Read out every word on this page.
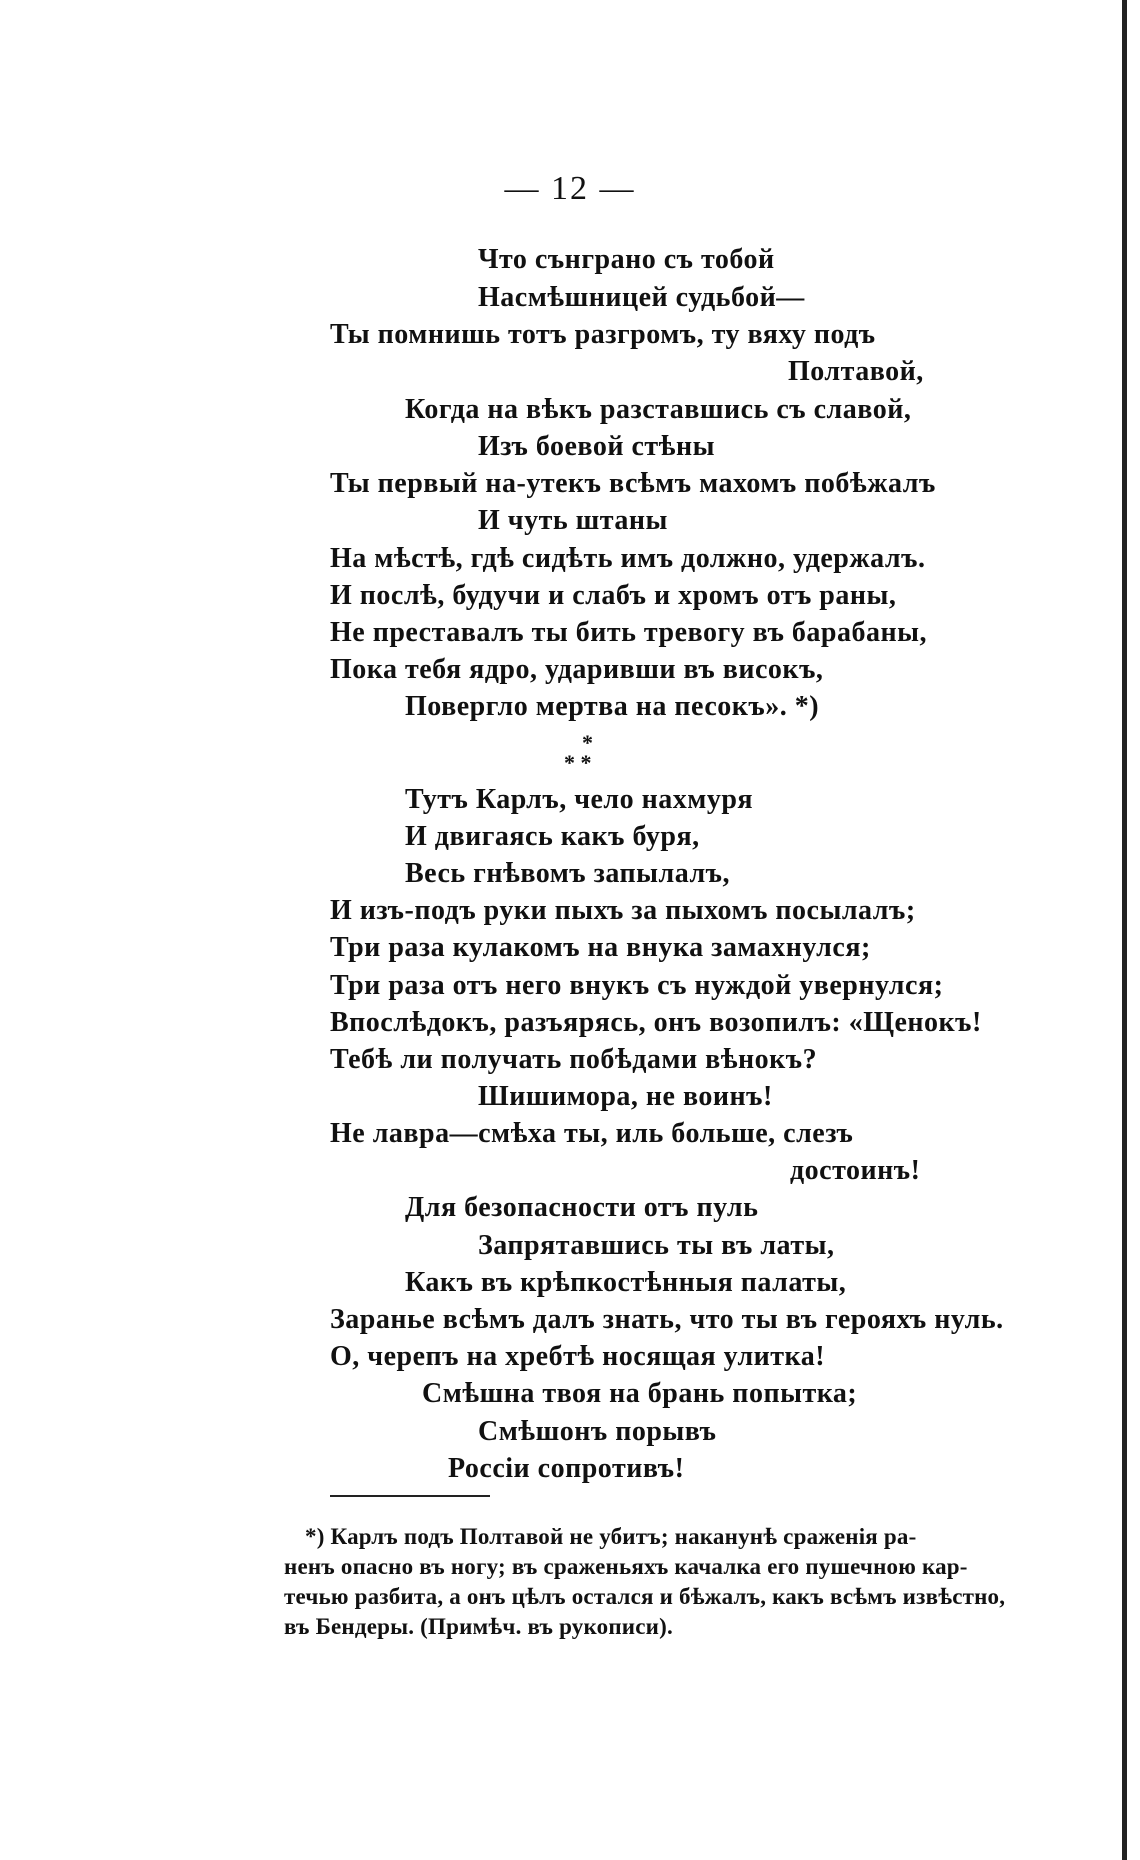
— 12 —
Что сънграно съ тобой
Насмѣшницей судьбой—
Ты помнишь тотъ разгромъ, ту вяху подъ
Полтавой,
Когда на вѣкъ разставшись съ славой,
Изъ боевой стѣны
Ты первый на-утекъ всѣмъ махомъ побѣжалъ
И чуть штаны
На мѣстѣ, гдѣ сидѣть имъ должно, удержалъ.
И послѣ, будучи и слабъ и хромъ отъ раны,
Не преставалъ ты бить тревогу въ барабаны,
Пока тебя ядро, ударивши въ високъ,
Повергло мертва на песокъ». *)
*
* *
Тутъ Карлъ, чело нахмуря
И двигаясь какъ буря,
Весь гнѣвомъ запылалъ,
И изъ-подъ руки пыхъ за пыхомъ посылалъ;
Три раза кулакомъ на внука замахнулся;
Три раза отъ него внукъ съ нуждой увернулся;
Впослѣдокъ, разъярясь, онъ возопилъ: «Щенокъ!
Тебѣ ли получать побѣдами вѣнокъ?
Шишимора, не воинъ!
Не лавра—смѣха ты, иль больше, слезъ
достоинъ!
Для безопасности отъ пуль
Запрятавшись ты въ латы,
Какъ въ крѣпкостѣнныя палаты,
Заранье всѣмъ далъ знать, что ты въ герояхъ нуль.
О, черепъ на хребтѣ носящая улитка!
Смѣшна твоя на брань попытка;
Смѣшонъ порывъ
Россіи сопротивъ!
*) Карлъ подъ Полтавой не убитъ; наканунѣ сраженія ра-
ненъ опасно въ ногу; въ сраженьяхъ качалка его пушечною кар-
течью разбита, а онъ цѣлъ остался и бѣжалъ, какъ всѣмъ извѣстно,
въ Бендеры. (Примѣч. въ рукописи).
